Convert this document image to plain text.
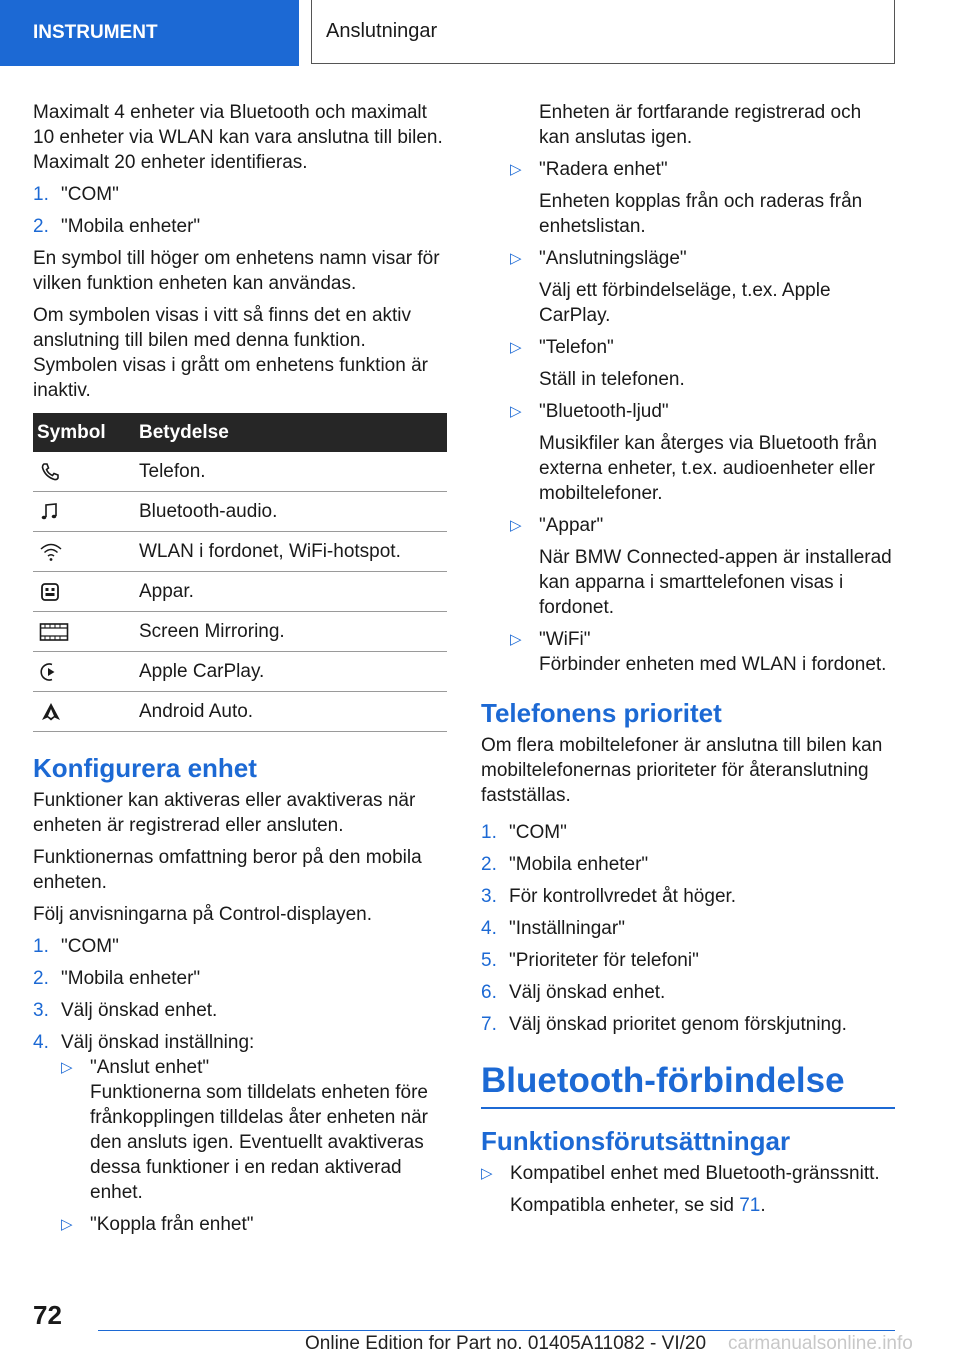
INSTRUMENT	Anslutningar

Maximalt 4 enheter via Bluetooth och maximalt 10 enheter via WLAN kan vara anslutna till bilen. Maximalt 20 enheter identifieras.

1. "COM"
2. "Mobila enheter"

En symbol till höger om enhetens namn visar för vilken funktion enheten kan användas.

Om symbolen visas i vitt så finns det en aktiv anslutning till bilen med denna funktion. Symbolen visas i grått om enhetens funktion är inaktiv.

Symbol	Betydelse

	Telefon.

	Bluetooth-audio.

	WLAN i fordonet, WiFi-hotspot.

	Appar.

	Screen Mirroring.

	Apple CarPlay.

	Android Auto.
Konfigurera enhet

Funktioner kan aktiveras eller avaktiveras när enheten är registrerad eller ansluten.

Funktionernas omfattning beror på den mobila enheten.

Följ anvisningarna på Control-displayen.

1. "COM"
2. "Mobila enheter"
3. Välj önskad enhet.
4. Välj önskad inställning:
▷ "Anslut enhet"
Funktionerna som tilldelats enheten före frånkopplingen tilldelas åter enheten när den ansluts igen. Eventuellt avaktiveras dessa funktioner i en redan aktiverad enhet.
▷ "Koppla från enhet"
Enheten är fortfarande registrerad och kan anslutas igen.
▷ "Radera enhet"
Enheten kopplas från och raderas från enhetslistan.
▷ "Anslutningsläge"
Välj ett förbindelseläge, t.ex. Apple CarPlay.
▷ "Telefon"
Ställ in telefonen.
▷ "Bluetooth-ljud"
Musikfiler kan återges via Bluetooth från externa enheter, t.ex. audioenheter eller mobiltelefoner.
▷ "Appar"
När BMW Connected-appen är installerad kan apparna i smarttelefonen visas i fordonet.
▷ "WiFi"
Förbinder enheten med WLAN i fordonet.
Telefonens prioritet

Om flera mobiltelefoner är anslutna till bilen kan mobiltelefonernas prioriteter för återanslutning fastställas.

1. "COM"
2. "Mobila enheter"
3. För kontrollvredet åt höger.
4. "Inställningar"
5. "Prioriteter för telefoni"
6. Välj önskad enhet.
7. Välj önskad prioritet genom förskjutning.
Bluetooth-förbindelse
Funktionsförutsättningar
▷ Kompatibel enhet med Bluetooth-gränssnitt.
Kompatibla enheter, se sid 71.
72
Online Edition for Part no. 01405A11082 - VI/20 carmanualsonline.info
